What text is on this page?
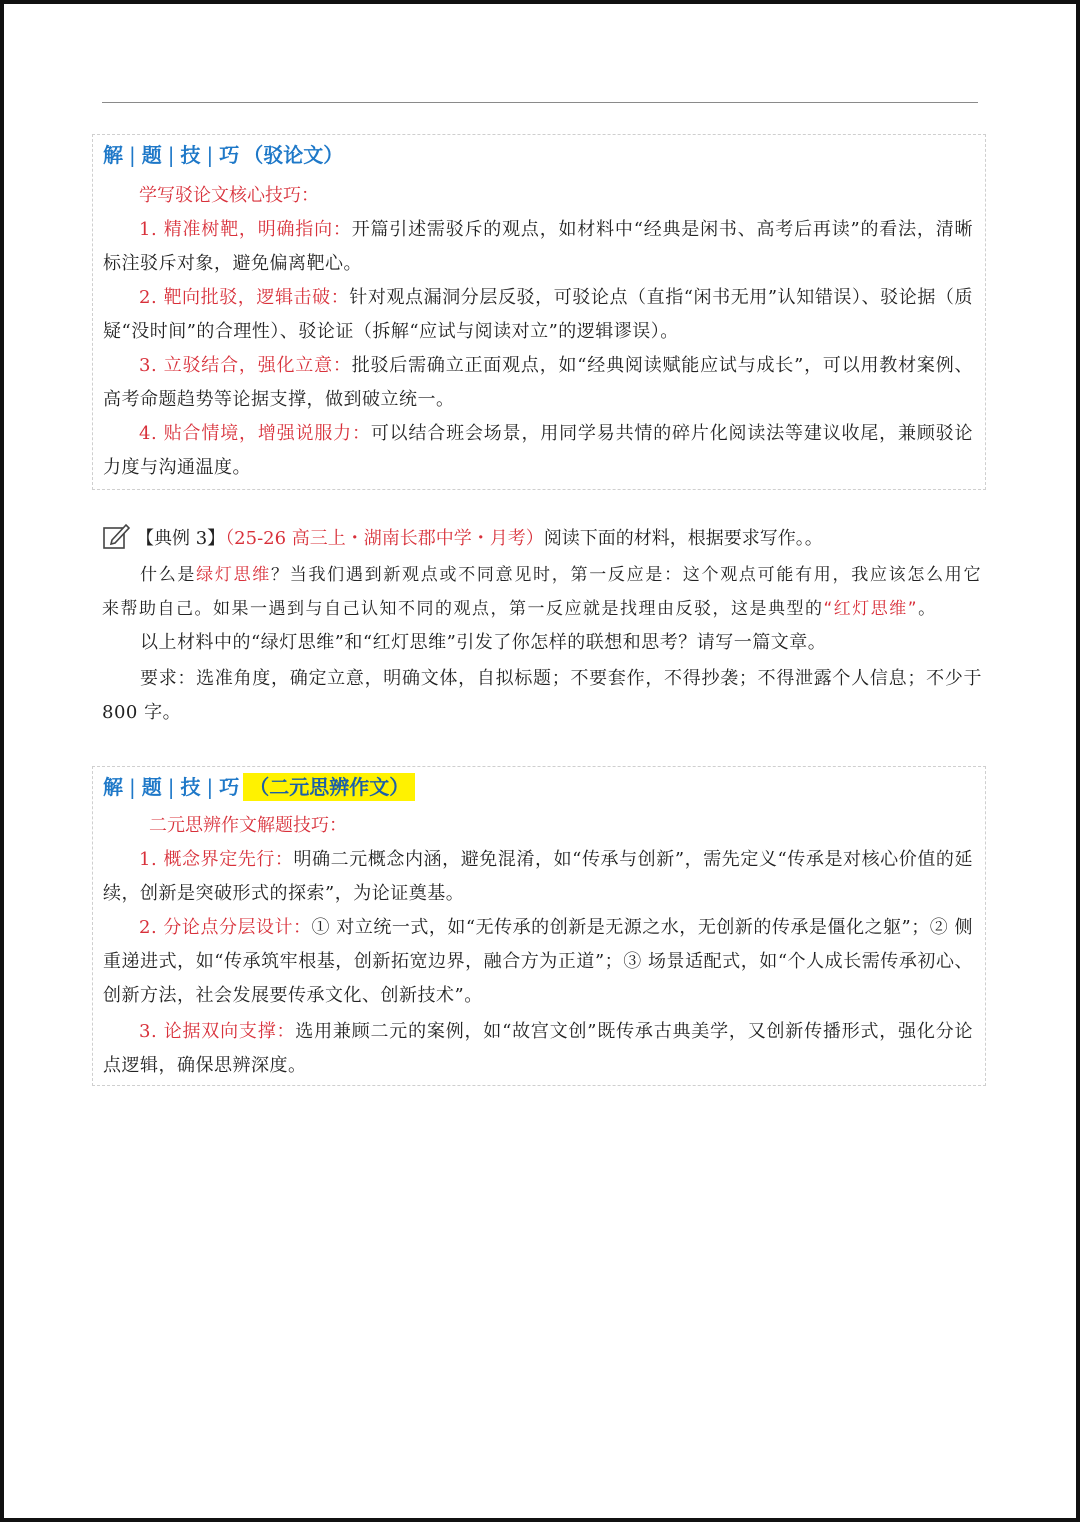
解 | 题 | 技 | 巧 （驳论文）
学写驳论文核心技巧：
1. 精准树靶，明确指向：开篇引述需驳斥的观点，如材料中“经典是闲书、高考后再读”的看法，清晰标注驳斥对象，避免偏离靶心。
2. 靶向批驳，逻辑击破：针对观点漏洞分层反驳，可驳论点（直指“闲书无用”认知错误）、驳论据（质疑“没时间”的合理性）、驳论证（拆解“应试与阅读对立”的逻辑谬误）。
3. 立驳结合，强化立意：批驳后需确立正面观点，如“经典阅读赋能应试与成长”，可以用教材案例、高考命题趋势等论据支撑，做到破立统一。
4. 贴合情境，增强说服力：可以结合班会场景，用同学易共情的碎片化阅读法等建议收尾，兼顾驳论力度与沟通温度。
【典例 3】（25-26 高三上・湖南长郡中学・月考）阅读下面的材料，根据要求写作。。
什么是绿灯思维？当我们遇到新观点或不同意见时，第一反应是：这个观点可能有用，我应该怎么用它来帮助自己。如果一遇到与自己认知不同的观点，第一反应就是找理由反驳，这是典型的“红灯思维”。
以上材料中的“绿灯思维”和“红灯思维”引发了你怎样的联想和思考？请写一篇文章。
要求：选准角度，确定立意，明确文体，自拟标题；不要套作，不得抄袭；不得泄露个人信息；不少于 800 字。
解 | 题 | 技 | 巧 （二元思辨作文）
二元思辨作文解题技巧：
1. 概念界定先行：明确二元概念内涵，避免混淆，如“传承与创新”，需先定义“传承是对核心价值的延续，创新是突破形式的探索”，为论证奠基。
2. 分论点分层设计：① 对立统一式，如“无传承的创新是无源之水，无创新的传承是僵化之躯”；② 侧重递进式，如“传承筑牢根基，创新拓宽边界，融合方为正道”；③ 场景适配式，如“个人成长需传承初心、创新方法，社会发展要传承文化、创新技术”。
3. 论据双向支撑：选用兼顾二元的案例，如“故宫文创”既传承古典美学，又创新传播形式，强化分论点逻辑，确保思辨深度。
